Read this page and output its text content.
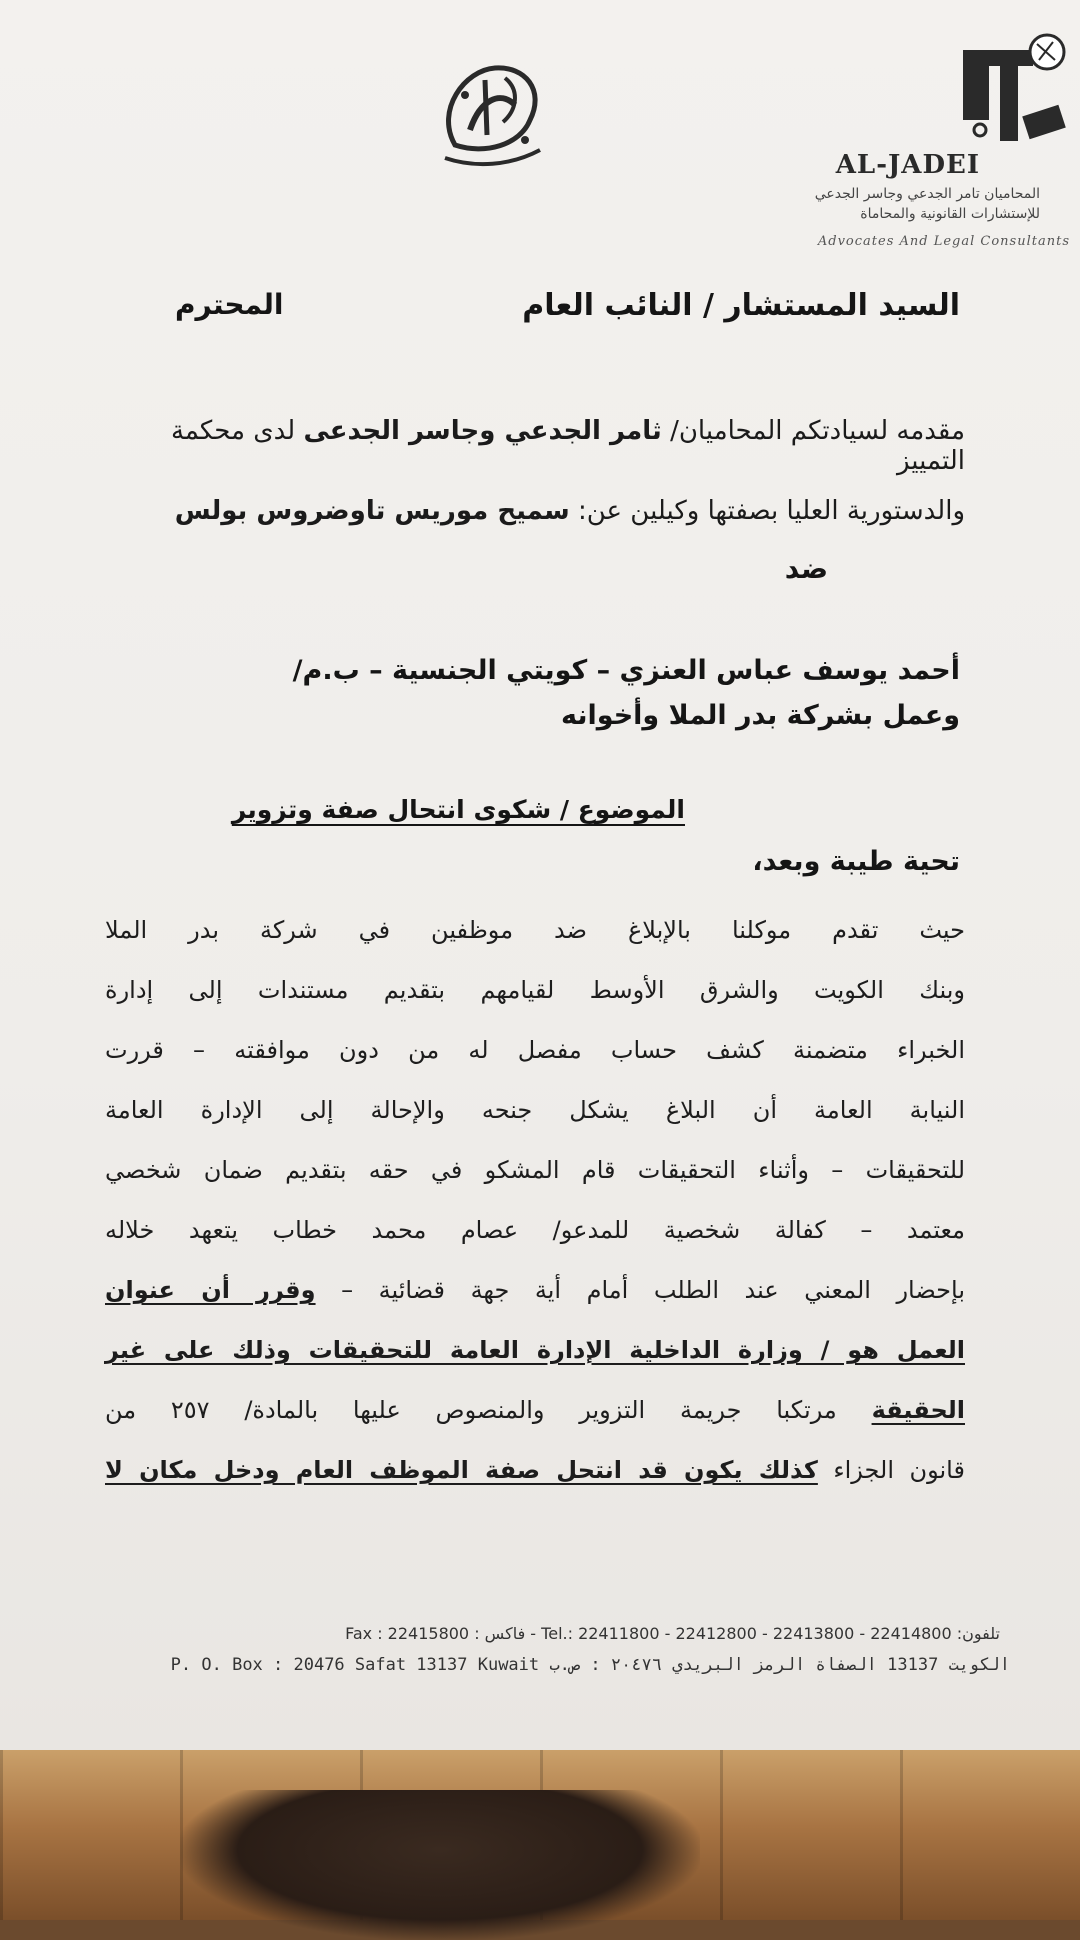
AL-JADEI
المحاميان تامر الجدعي وجاسر الجدعي
للإستشارات القانونية والمحاماة
Advocates And Legal Consultants
السيد المستشار / النائب العام
المحترم
مقدمه لسيادتكم المحاميان/ ثامر الجدعي وجاسر الجدعى لدى محكمة التمييز
والدستورية العليا بصفتها وكيلين عن: سميح موريس تاوضروس بولس
ضد
أحمد يوسف عباس العنزي – كويتي الجنسية – ب.م/
وعمل بشركة بدر الملا وأخوانه
الموضوع / شكوى انتحال صفة وتزوير
تحية طيبة وبعد،
حيث تقدم موكلنا بالإبلاغ ضد موظفين في شركة بدر الملا
وبنك الكويت والشرق الأوسط لقيامهم بتقديم مستندات إلى إدارة
الخبراء متضمنة كشف حساب مفصل له من دون موافقته – قررت
النيابة العامة أن البلاغ يشكل جنحه والإحالة إلى الإدارة العامة
للتحقيقات – وأثناء التحقيقات قام المشكو في حقه بتقديم ضمان شخصي
معتمد – كفالة شخصية للمدعو/ عصام محمد خطاب يتعهد خلاله
بإحضار المعني عند الطلب أمام أية جهة قضائية – وقرر أن عنوان
العمل هو / وزارة الداخلية الإدارة العامة للتحقيقات وذلك على غير
الحقيقة مرتكبا جريمة التزوير والمنصوص عليها بالمادة/ ٢٥٧ من
قانون الجزاء كذلك يكون قد انتحل صفة الموظف العام ودخل مكان لا
Fax : 22415800 : فاكس - Tel.: 22411800 - 22412800 - 22413800 - 22414800 :تلفون
P. O. Box : 20476 Safat 13137 Kuwait الكويت 13137 الصفاة الرمز البريدي ٢٠٤٧٦ : ص.ب
